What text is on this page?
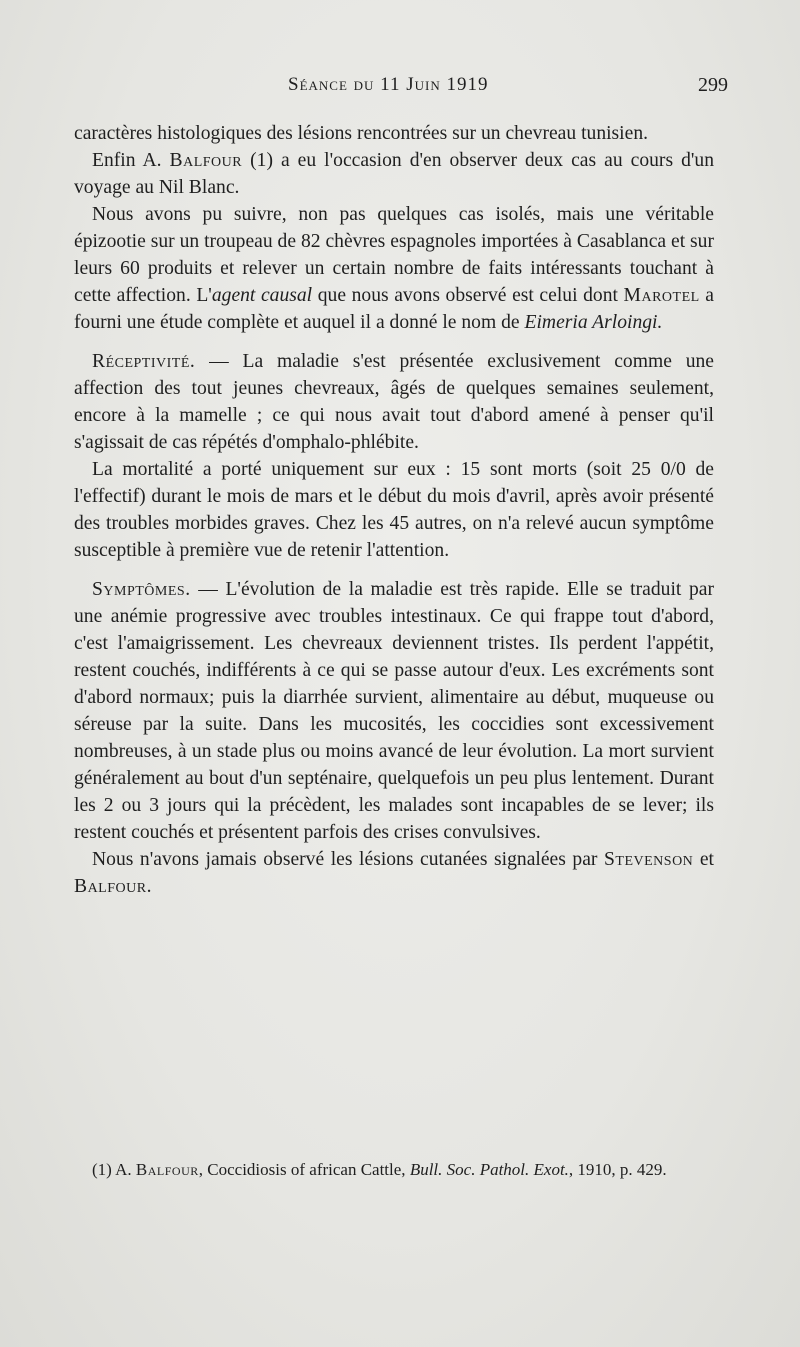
Séance du 11 Juin 1919	299

caractères histologiques des lésions rencontrées sur un chevreau tunisien.

Enfin A. Balfour (1) a eu l'occasion d'en observer deux cas au cours d'un voyage au Nil Blanc.

Nous avons pu suivre, non pas quelques cas isolés, mais une véritable épizootie sur un troupeau de 82 chèvres espagnoles importées à Casablanca et sur leurs 60 produits et relever un certain nombre de faits intéressants touchant à cette affection. L'agent causal que nous avons observé est celui dont Marotel a fourni une étude complète et auquel il a donné le nom de Eimeria Arloingi.

Réceptivité. — La maladie s'est présentée exclusivement comme une affection des tout jeunes chevreaux, âgés de quelques semaines seulement, encore à la mamelle ; ce qui nous avait tout d'abord amené à penser qu'il s'agissait de cas répétés d'omphalo-phlébite.

La mortalité a porté uniquement sur eux : 15 sont morts (soit 25 0/0 de l'effectif) durant le mois de mars et le début du mois d'avril, après avoir présenté des troubles morbides graves. Chez les 45 autres, on n'a relevé aucun symptôme susceptible à première vue de retenir l'attention.

Symptômes. — L'évolution de la maladie est très rapide. Elle se traduit par une anémie progressive avec troubles intestinaux. Ce qui frappe tout d'abord, c'est l'amaigrissement. Les chevreaux deviennent tristes. Ils perdent l'appétit, restent couchés, indifférents à ce qui se passe autour d'eux. Les excréments sont d'abord normaux; puis la diarrhée survient, alimentaire au début, muqueuse ou séreuse par la suite. Dans les mucosités, les coccidies sont excessivement nombreuses, à un stade plus ou moins avancé de leur évolution. La mort survient généralement au bout d'un septénaire, quelquefois un peu plus lentement. Durant les 2 ou 3 jours qui la précèdent, les malades sont incapables de se lever; ils restent couchés et présentent parfois des crises convulsives.

Nous n'avons jamais observé les lésions cutanées signalées par Stevenson et Balfour.

(1) A. Balfour, Coccidiosis of african Cattle, Bull. Soc. Pathol. Exot., 1910, p. 429.
